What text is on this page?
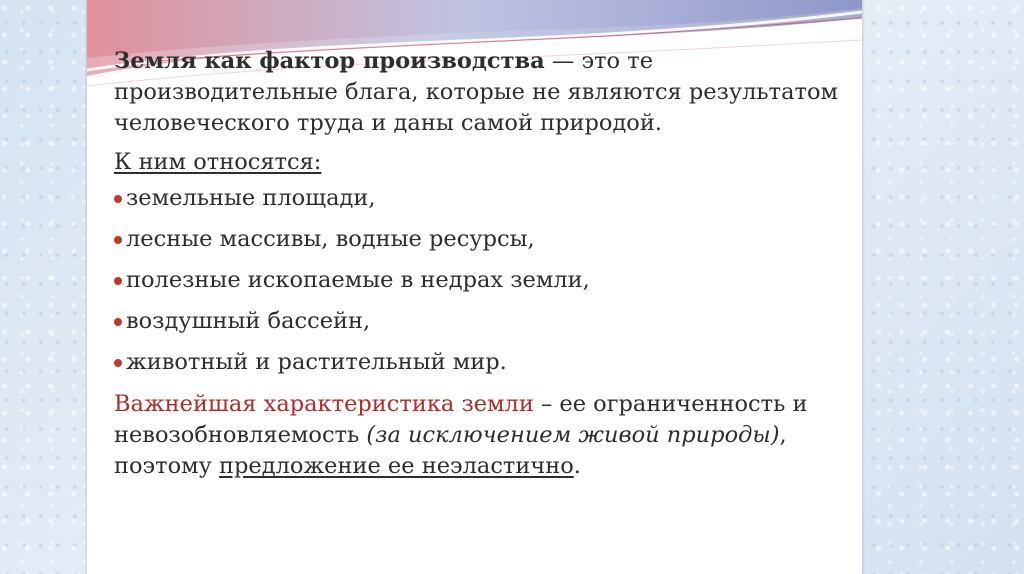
Земля как фактор производства — это те производительные блага, которые не являются результатом человеческого труда и даны самой природой.

К ним относятся:
земельные площади,
лесные массивы, водные ресурсы,
полезные ископаемые в недрах земли,
воздушный бассейн,
животный и растительный мир.

Важнейшая характеристика земли – ее ограниченность и невозобновляемость (за исключением живой природы), поэтому предложение ее неэластично.
